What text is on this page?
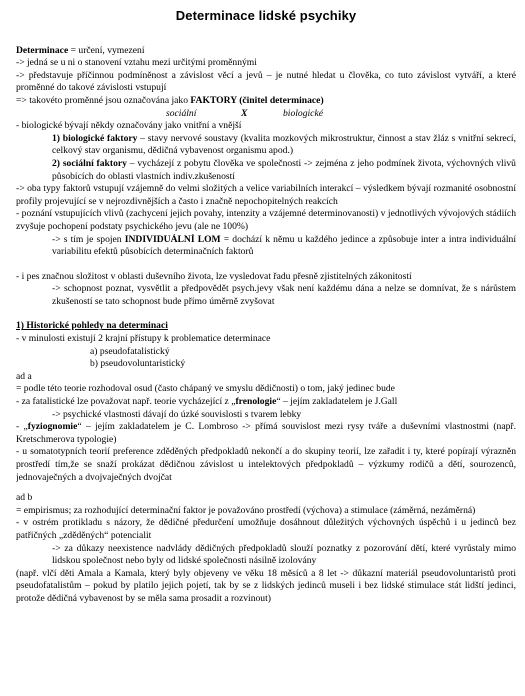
Determinace lidské psychiky
Determinace = určení, vymezení
-> jedná se u ni o stanovení vztahu mezi určitými proměnnými
-> představuje příčinnou podmíněnost a závislost věcí a jevů – je nutné hledat u člověka, co tuto závislost vytváří, a které proměnné do takové závislosti vstupují
=> takovéto proměnné jsou označována jako FAKTORY (činitel determinace)
sociální	X	biologické
- biologické bývají někdy označovány jako vnitřní a vnější
1) biologické faktory – stavy nervové soustavy (kvalita mozkových mikrostruktur, činnost a stav žláz s vnitřní sekrecí, celkový stav organismu, dědičná vybavenost organismu apod.)
2) sociální faktory – vycházejí z pobytu člověka ve společnosti -> zejména z jeho podmínek života, výchovných vlivů působících do oblasti vlastních indiv.zkušeností
-> oba typy faktorů vstupují vzájemně do velmi složitých a velice variabilních interakcí – výsledkem bývají rozmanité osobnostní profily projevující se v nejrozdivnějších a často i značně nepochopitelných reakcích
- poznání vstupujících vlivů (zachycení jejich povahy, intenzity a vzájemné determinovanosti) v jednotlivých vývojových stádiích zvyšuje pochopení podstaty psychického jevu (ale ne 100%)
-> s tím je spojen INDIVIDUÁLNÍ LOM = dochází k němu u každého jedince a způsobuje inter a intra individuální variabilitu efektů působících determinačních faktorů
- i pes značnou složitost v oblasti duševního života, lze vysledovat řadu přesně zjistitelných zákonitostí
-> schopnost poznat, vysvětlit a předpovědět psych.jevy však není každému dána a nelze se domnívat, že s nárůstem zkušeností se tato schopnost bude přímo úměrně zvyšovat
1) Historické pohledy na determinaci
- v minulosti existují 2 krajní přístupy k problematice determinace
a) pseudofatalistický
b) pseudovoluntaristický
ad a
= podle této teorie rozhodoval osud (často chápaný ve smyslu dědičnosti) o tom, jaký jedinec bude
- za fatalistické lze považovat např. teorie vycházející z „frenologie“ – jejím zakladatelem je J.Gall
-> psychické vlastnosti dávají do úzké souvislosti s tvarem lebky
- „fyziognomie“ – jejím zakladatelem je C. Lombroso -> přímá souvislost mezi rysy tváře a duševními vlastnostmi (např. Kretschmerova typologie)
- u somatotypních teorií preference zděděných předpokladů nekončí a do skupiny teorií, lze zařadit i ty, které popírají výrazněn prostředí tím,že se snaží prokázat dědičnou závislost u intelektových předpokladů – výzkumy rodičů a dětí, sourozenců, jednovaječných a dvojvaječných dvojčat
ad b
= empirismus; za rozhodující determinační faktor je považováno prostředí (výchova) a stimulace (záměrná, nezáměrná)
- v ostrém protikladu s názory, že dědičné předurčení umožňuje dosáhnout důležitých výchovných úspěchů i u jedinců bez patřičných „zděděných“ potencialit
-> za důkazy neexistence nadvlády dědičných předpokladů slouží poznatky z pozorování dětí, které vyrůstaly mimo lidskou společnost nebo byly od lidské společnosti násilně izolovány
(např. vlčí děti Amala a Kamala, který byly objeveny ve věku 18 měsíců a 8 let -> důkazní materiál pseudovoluntaristů proti pseudofatalistům – pokud by platilo jejich pojetí, tak by se z lidských jedinců museli i bez lidské stimulace stát lidští jedinci, protože dědičná vybavenost by se měla sama prosadit a rozvinout)
